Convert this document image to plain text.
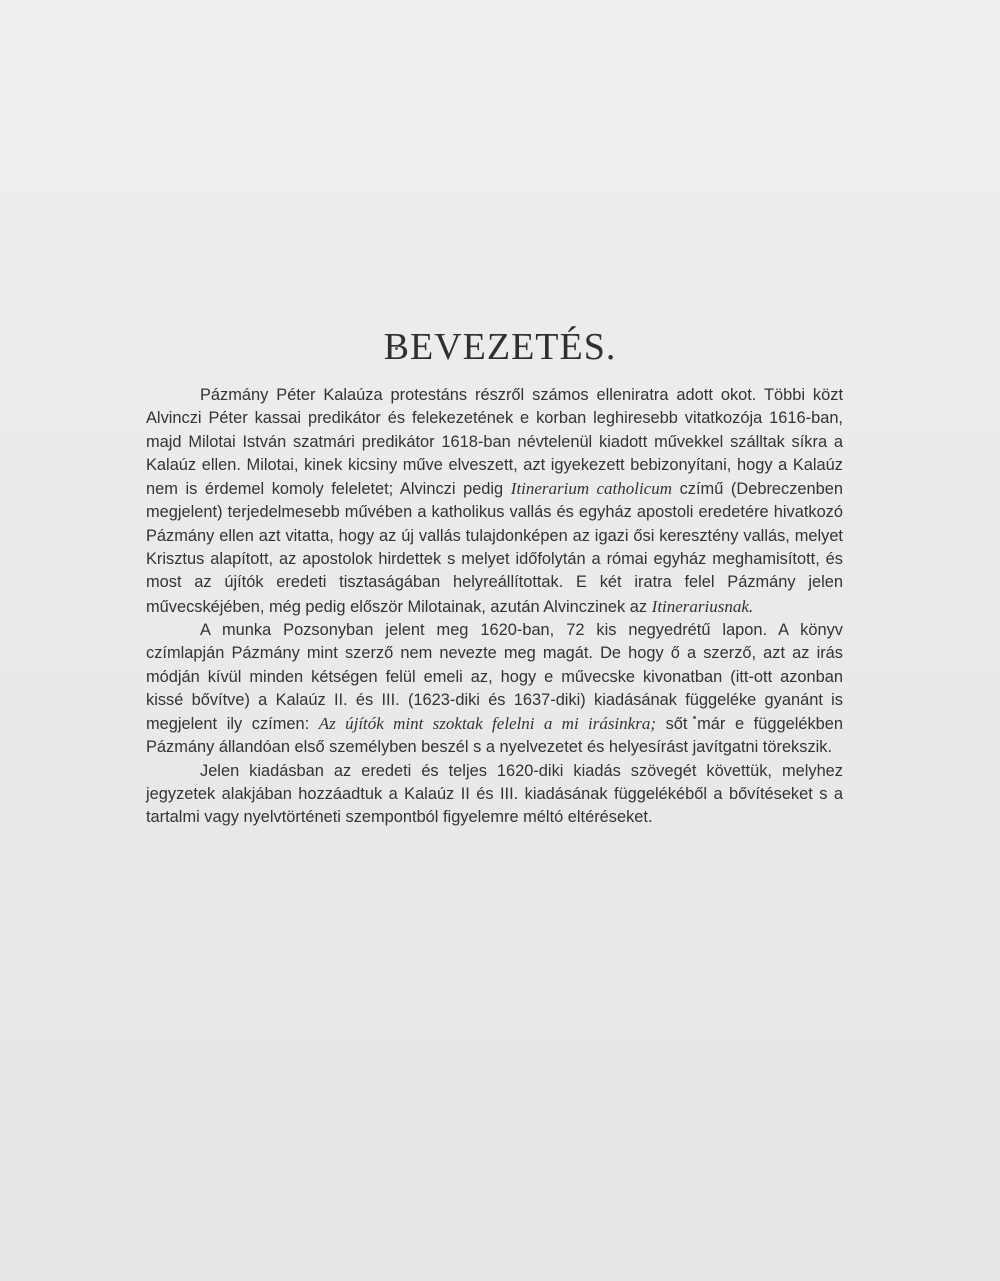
BEVEZETÉS.

Pázmány Péter Kalaúza protestáns részről számos elleniratra adott okot. Többi közt Alvinczi Péter kassai predikátor és felekezetének e korban leghiresebb vitatkozója 1616-ban, majd Milotai István szatmári predikátor 1618-ban névtelenül kiadott művekkel szálltak síkra a Kalaúz ellen. Milotai, kinek kicsiny műve elveszett, azt igyekezett bebizonyítani, hogy a Kalaúz nem is érdemel komoly feleletet; Alvinczi pedig Itinerarium catholicum czímű (Debreczenben megjelent) terjedelmesebb művében a katholikus vallás és egyház apostoli eredetére hivatkozó Pázmány ellen azt vitatta, hogy az új vallás tulajdonképen az igazi ősi keresztény vallás, melyet Krisztus alapított, az apostolok hirdettek s melyet időfolytán a római egyház meghamisított, és most az újítók eredeti tisztaságában helyreállítottak. E két iratra felel Pázmány jelen művecskéjében, még pedig először Milotainak, azután Alvinczinek az Itinerariusnak.

A munka Pozsonyban jelent meg 1620-ban, 72 kis negyedrétű lapon. A könyv czímlapján Pázmány mint szerző nem nevezte meg magát. De hogy ő a szerző, azt az irás módján kívül minden kétségen felül emeli az, hogy e művecske kivonatban (itt-ott azonban kissé bővítve) a Kalaúz II. és III. (1623-diki és 1637-diki) kiadásának függeléke gyanánt is megjelent ily czímen: Az újítók mint szoktak felelni a mi irásinkra; sőt már e függelékben Pázmány állandóan első személyben beszél s a nyelvezetet és helyesírást javítgatni törekszik.

Jelen kiadásban az eredeti és teljes 1620-diki kiadás szövegét követtük, melyhez jegyzetek alakjában hozzáadtuk a Kalaúz II és III. kiadásának függelékéből a bővítéseket s a tartalmi vagy nyelvtörténeti szempontból figyelemre méltó eltéréseket.
